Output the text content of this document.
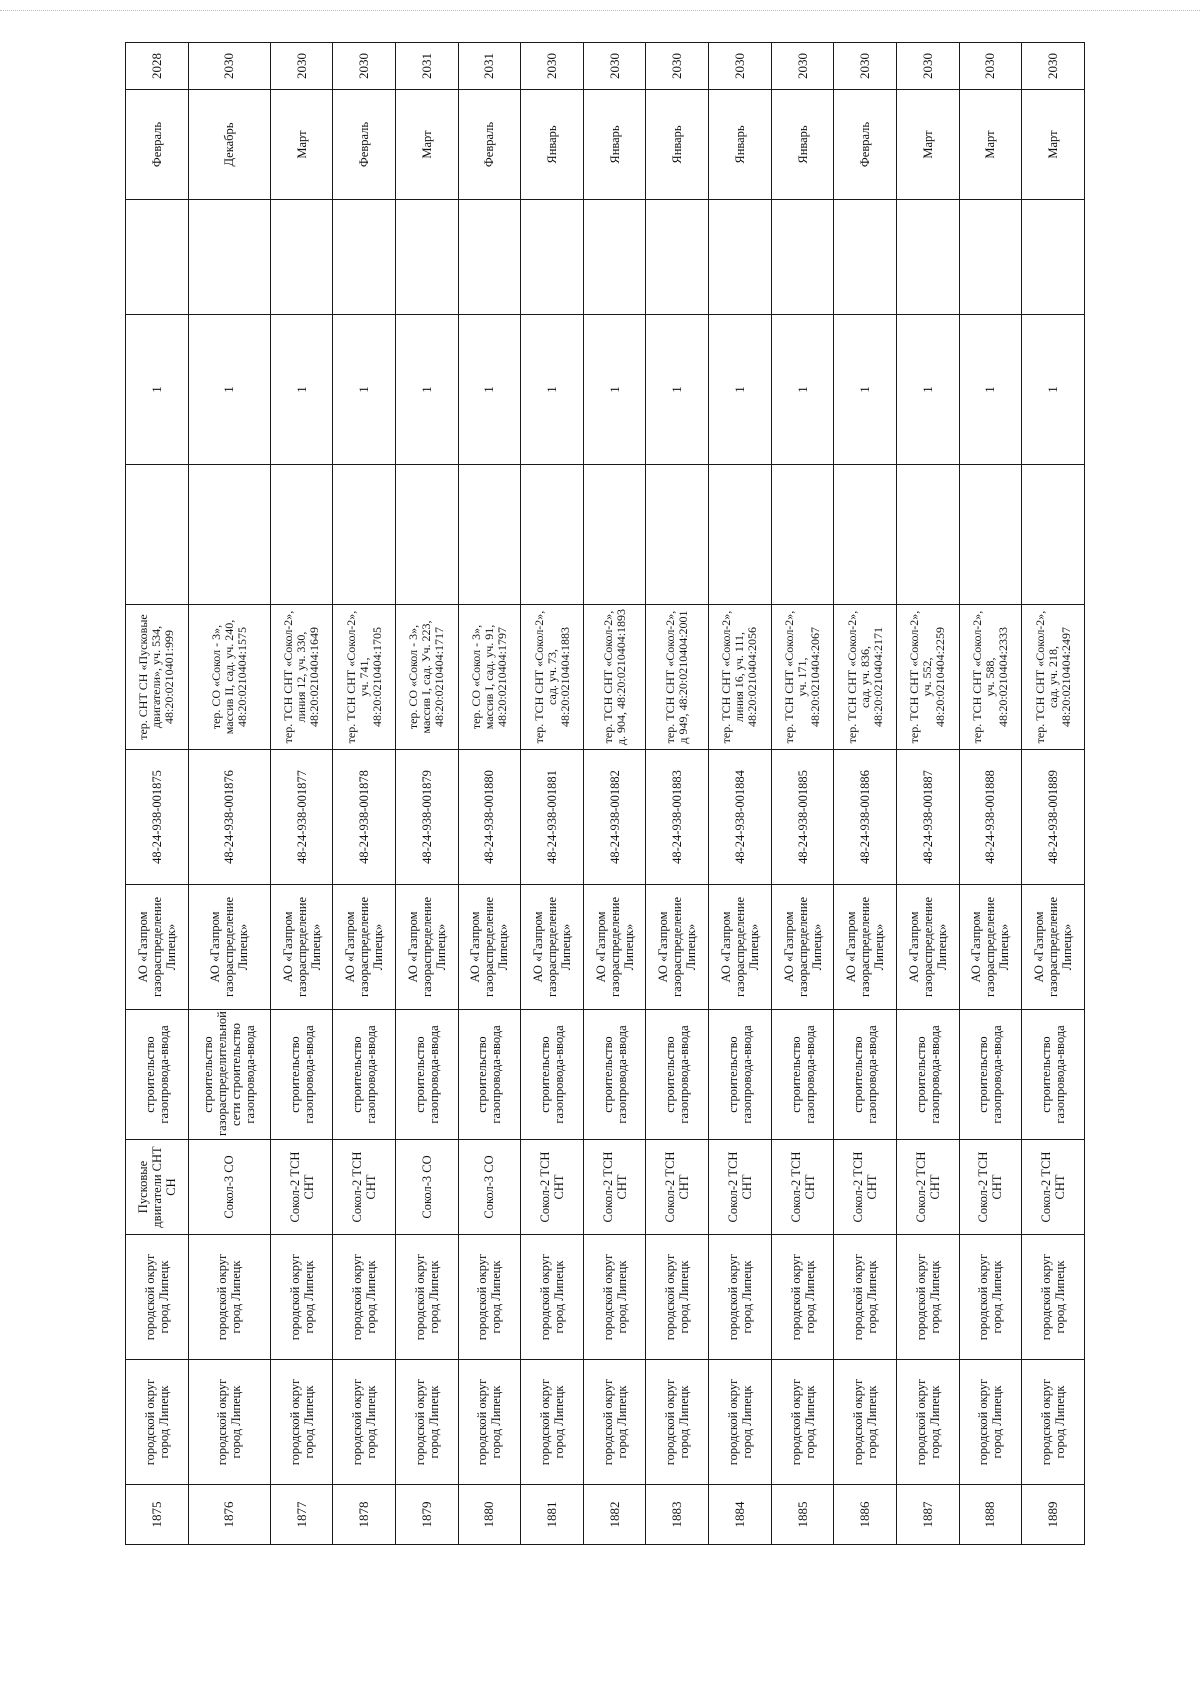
1875	городской округ город Липецк	городской округ город Липецк	Пусковые двигатели СНТ СН	строительство газопровода-ввода	АО «Газпром газораспределение Липецк»	48-24-938-001875	тер. СНТ СН «Пусковые двигатели», уч. 534, 48:20:0210401:999		1		Февраль	2028
1876	городской округ город Липецк	городской округ город Липецк	Сокол-3 СО	строительство газораспределительной сети строительство газопровода-ввода	АО «Газпром газораспределение Липецк»	48-24-938-001876	тер. СО «Сокол - 3», массив II, сад. уч. 240, 48:20:0210404:1575		1		Декабрь	2030
1877	городской округ город Липецк	городской округ город Липецк	Сокол-2 ТСН СНТ	строительство газопровода-ввода	АО «Газпром газораспределение Липецк»	48-24-938-001877	тер. ТСН СНТ «Сокол-2», линия 12, уч. 330, 48:20:0210404:1649		1		Март	2030
1878	городской округ город Липецк	городской округ город Липецк	Сокол-2 ТСН СНТ	строительство газопровода-ввода	АО «Газпром газораспределение Липецк»	48-24-938-001878	тер. ТСН СНТ «Сокол-2», уч. 741, 48:20:0210404:1705		1		Февраль	2030
1879	городской округ город Липецк	городской округ город Липецк	Сокол-3 СО	строительство газопровода-ввода	АО «Газпром газораспределение Липецк»	48-24-938-001879	тер. СО «Сокол - 3», массив I, сад. Уч. 223, 48:20:0210404:1717		1		Март	2031
1880	городской округ город Липецк	городской округ город Липецк	Сокол-3 СО	строительство газопровода-ввода	АО «Газпром газораспределение Липецк»	48-24-938-001880	тер. СО «Сокол - 3», массив I, сад. уч. 91, 48:20:0210404:1797		1		Февраль	2031
1881	городской округ город Липецк	городской округ город Липецк	Сокол-2 ТСН СНТ	строительство газопровода-ввода	АО «Газпром газораспределение Липецк»	48-24-938-001881	тер. ТСН СНТ «Сокол-2», сад. уч. 73, 48:20:0210404:1883		1		Январь	2030
1882	городской округ город Липецк	городской округ город Липецк	Сокол-2 ТСН СНТ	строительство газопровода-ввода	АО «Газпром газораспределение Липецк»	48-24-938-001882	тер. ТСН СНТ «Сокол-2», д. 904, 48:20:0210404:1893		1		Январь	2030
1883	городской округ город Липецк	городской округ город Липецк	Сокол-2 ТСН СНТ	строительство газопровода-ввода	АО «Газпром газораспределение Липецк»	48-24-938-001883	тер. ТСН СНТ «Сокол-2», д 949, 48:20:0210404:2001		1		Январь	2030
1884	городской округ город Липецк	городской округ город Липецк	Сокол-2 ТСН СНТ	строительство газопровода-ввода	АО «Газпром газораспределение Липецк»	48-24-938-001884	тер. ТСН СНТ «Сокол-2», линия 16, уч. 111, 48:20:0210404:2056		1		Январь	2030
1885	городской округ город Липецк	городской округ город Липецк	Сокол-2 ТСН СНТ	строительство газопровода-ввода	АО «Газпром газораспределение Липецк»	48-24-938-001885	тер. ТСН СНТ «Сокол-2», уч. 171, 48:20:0210404:2067		1		Январь	2030
1886	городской округ город Липецк	городской округ город Липецк	Сокол-2 ТСН СНТ	строительство газопровода-ввода	АО «Газпром газораспределение Липецк»	48-24-938-001886	тер. ТСН СНТ «Сокол-2», сад. уч. 836, 48:20:0210404:2171		1		Февраль	2030
1887	городской округ город Липецк	городской округ город Липецк	Сокол-2 ТСН СНТ	строительство газопровода-ввода	АО «Газпром газораспределение Липецк»	48-24-938-001887	тер. ТСН СНТ «Сокол-2», уч. 552, 48:20:0210404:2259		1		Март	2030
1888	городской округ город Липецк	городской округ город Липецк	Сокол-2 ТСН СНТ	строительство газопровода-ввода	АО «Газпром газораспределение Липецк»	48-24-938-001888	тер. ТСН СНТ «Сокол-2», уч. 588, 48:20:0210404:2333		1		Март	2030
1889	городской округ город Липецк	городской округ город Липецк	Сокол-2 ТСН СНТ	строительство газопровода-ввода	АО «Газпром газораспределение Липецк»	48-24-938-001889	тер. ТСН СНТ «Сокол-2», сад. уч. 218, 48:20:0210404:2497		1		Март	2030
